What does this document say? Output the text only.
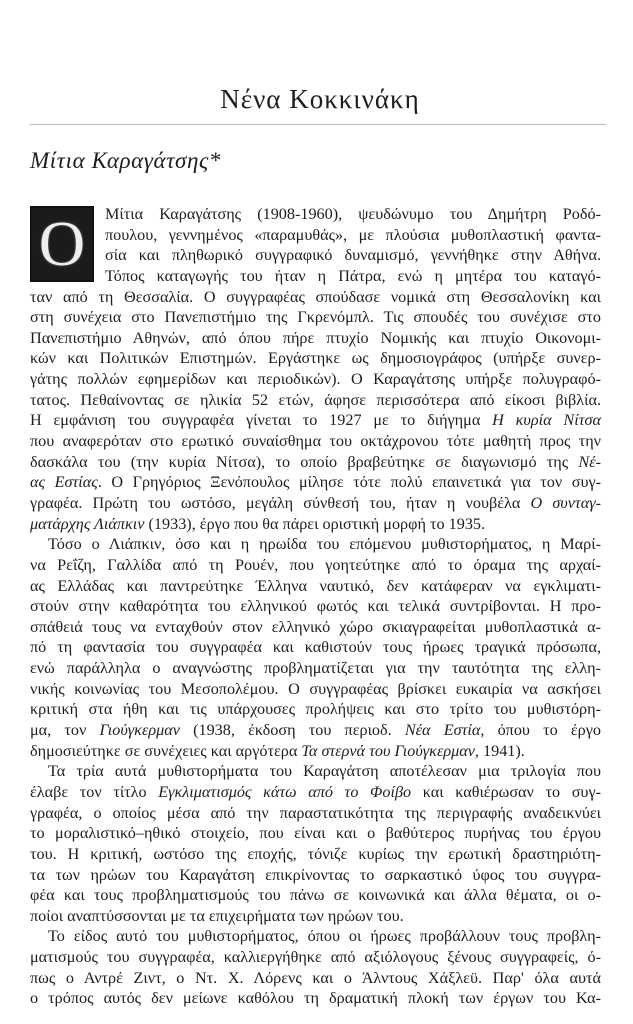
Νένα Κοκκινάκη
Μίτια Καραγάτσης*
Ο Μίτια Καραγάτσης (1908-1960), ψευδώνυμο του Δημήτρη Ροδό-
πουλου, γεννημένος «παραμυθάς», με πλούσια μυθοπλαστική φαντα-
σία και πληθωρικό συγγραφικό δυναμισμό, γεννήθηκε στην Αθήνα.
Τόπος καταγωγής του ήταν η Πάτρα, ενώ η μητέρα του καταγό-
ταν από τη Θεσσαλία. Ο συγγραφέας σπούδασε νομικά στη Θεσσαλονίκη και
στη συνέχεια στο Πανεπιστήμιο της Γκρενόμπλ. Τις σπουδές του συνέχισε στο
Πανεπιστήμιο Αθηνών, από όπου πήρε πτυχίο Νομικής και πτυχίο Οικονομι-
κών και Πολιτικών Επιστημών. Εργάστηκε ως δημοσιογράφος (υπήρξε συνερ-
γάτης πολλών εφημερίδων και περιοδικών). Ο Καραγάτσης υπήρξε πολυγραφό-
τατος. Πεθαίνοντας σε ηλικία 52 ετών, άφησε περισσότερα από είκοσι βιβλία.
Η εμφάνιση του συγγραφέα γίνεται το 1927 με το διήγημα Η κυρία Νίτσα
που αναφερόταν στο ερωτικό συναίσθημα του οκτάχρονου τότε μαθητή προς την
δασκάλα του (την κυρία Νίτσα), το οποίο βραβεύτηκε σε διαγωνισμό της Νέ-
ας Εστίας. Ο Γρηγόριος Ξενόπουλος μίλησε τότε πολύ επαινετικά για τον συγ-
γραφέα. Πρώτη του ωστόσο, μεγάλη σύνθεσή του, ήταν η νουβέλα Ο συνταγ-
ματάρχης Λιάπκιν (1933), έργο που θα πάρει οριστική μορφή το 1935.
Τόσο ο Λιάπκιν, όσο και η ηρωίδα του επόμενου μυθιστορήματος, η Μαρί-
να Ρεΐζη, Γαλλίδα από τη Ρουέν, που γοητεύτηκε από το όραμα της αρχαί-
ας Ελλάδας και παντρεύτηκε Έλληνα ναυτικό, δεν κατάφεραν να εγκλιματι-
στούν στην καθαρότητα του ελληνικού φωτός και τελικά συντρίβονται. Η προ-
σπάθειά τους να ενταχθούν στον ελληνικό χώρο σκιαγραφείται μυθοπλαστικά α-
πό τη φαντασία του συγγραφέα και καθιστούν τους ήρωες τραγικά πρόσωπα,
ενώ παράλληλα ο αναγνώστης προβληματίζεται για την ταυτότητα της ελλη-
νικής κοινωνίας του Μεσοπολέμου. Ο συγγραφέας βρίσκει ευκαιρία να ασκήσει
κριτική στα ήθη και τις υπάρχουσες προλήψεις και στο τρίτο του μυθιστόρη-
μα, τον Γιούγκερμαν (1938, έκδοση του περιοδ. Νέα Εστία, όπου το έργο
δημοσιεύτηκε σε συνέχειες και αργότερα Τα στερνά του Γιούγκερμαν, 1941).
Τα τρία αυτά μυθιστορήματα του Καραγάτση αποτέλεσαν μια τριλογία που
έλαβε τον τίτλο Εγκλιματισμός κάτω από το Φοίβο και καθιέρωσαν το συγ-
γραφέα, ο οποίος μέσα από την παραστατικότητα της περιγραφής αναδεικνύει
το μοραλιστικό–ηθικό στοιχείο, που είναι και ο βαθύτερος πυρήνας του έργου
του. Η κριτική, ωστόσο της εποχής, τόνιζε κυρίως την ερωτική δραστηριότη-
τα των ηρώων του Καραγάτση επικρίνοντας το σαρκαστικό ύφος του συγγρα-
φέα και τους προβληματισμούς του πάνω σε κοινωνικά και άλλα θέματα, οι ο-
ποίοι αναπτύσσονται με τα επιχειρήματα των ηρώων του.
Το είδος αυτό του μυθιστορήματος, όπου οι ήρωες προβάλλουν τους προβλη-
ματισμούς του συγγραφέα, καλλιεργήθηκε από αξιόλογους ξένους συγγραφείς, ό-
πως ο Αντρέ Ζιντ, ο Ντ. Χ. Λόρενς και ο Άλντους Χάξλεϋ. Παρ' όλα αυτά
ο τρόπος αυτός δεν μείωνε καθόλου τη δραματική πλοκή των έργων του Κα-
